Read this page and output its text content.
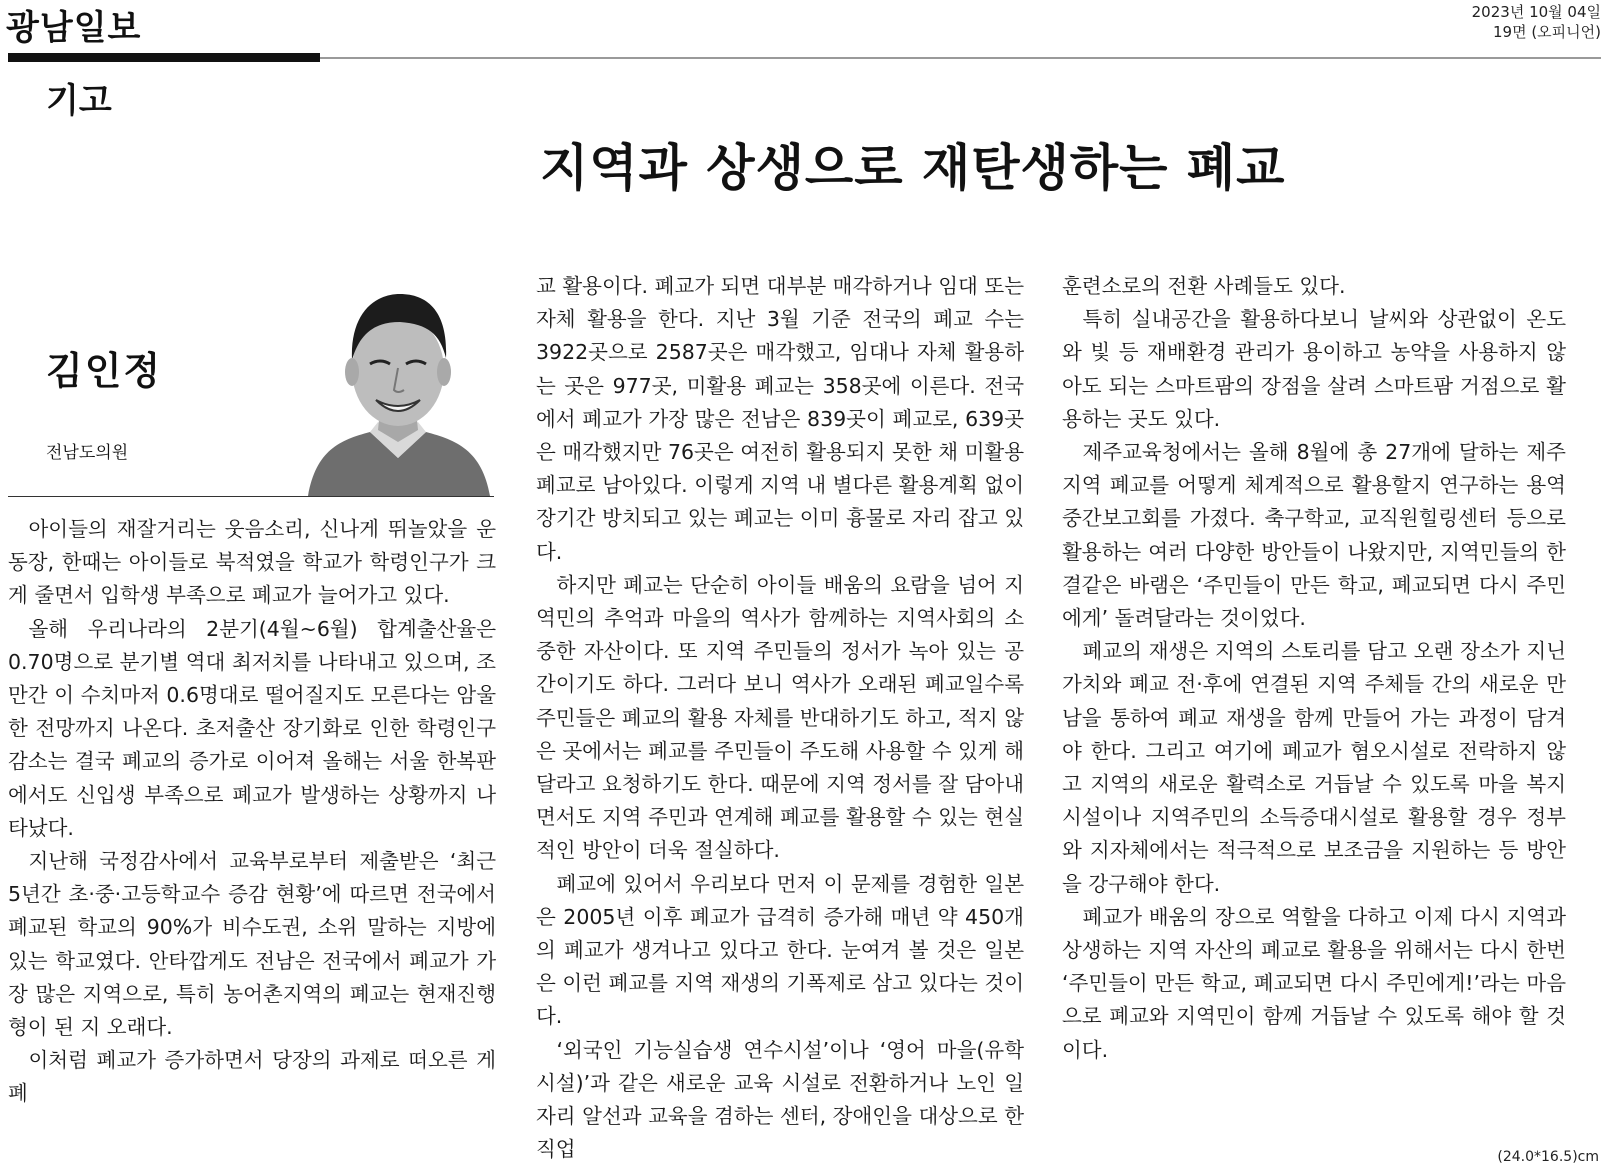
광남일보	2023년 10월 04일
19면 (오피니언)
기고
지역과 상생으로 재탄생하는 폐교
김인정
전남도의원

아이들의 재잘거리는 웃음소리, 신나게 뛰놀았을 운동장, 한때는 아이들로 북적였을 학교가 학령인구가 크게 줄면서 입학생 부족으로 폐교가 늘어가고 있다.

올해 우리나라의 2분기(4월~6월) 합계출산율은 0.70명으로 분기별 역대 최저치를 나타내고 있으며, 조만간 이 수치마저 0.6명대로 떨어질지도 모른다는 암울한 전망까지 나온다. 초저출산 장기화로 인한 학령인구 감소는 결국 폐교의 증가로 이어져 올해는 서울 한복판에서도 신입생 부족으로 폐교가 발생하는 상황까지 나타났다.

지난해 국정감사에서 교육부로부터 제출받은 ‘최근 5년간 초·중·고등학교수 증감 현황’에 따르면 전국에서 폐교된 학교의 90%가 비수도권, 소위 말하는 지방에 있는 학교였다. 안타깝게도 전남은 전국에서 폐교가 가장 많은 지역으로, 특히 농어촌지역의 폐교는 현재진행형이 된 지 오래다.

이처럼 폐교가 증가하면서 당장의 과제로 떠오른 게 폐

교 활용이다. 폐교가 되면 대부분 매각하거나 임대 또는 자체 활용을 한다. 지난 3월 기준 전국의 폐교 수는 3922곳으로 2587곳은 매각했고, 임대나 자체 활용하는 곳은 977곳, 미활용 폐교는 358곳에 이른다. 전국에서 폐교가 가장 많은 전남은 839곳이 폐교로, 639곳은 매각했지만 76곳은 여전히 활용되지 못한 채 미활용 폐교로 남아있다. 이렇게 지역 내 별다른 활용계획 없이 장기간 방치되고 있는 폐교는 이미 흉물로 자리 잡고 있다.

하지만 폐교는 단순히 아이들 배움의 요람을 넘어 지역민의 추억과 마을의 역사가 함께하는 지역사회의 소중한 자산이다. 또 지역 주민들의 정서가 녹아 있는 공간이기도 하다. 그러다 보니 역사가 오래된 폐교일수록 주민들은 폐교의 활용 자체를 반대하기도 하고, 적지 않은 곳에서는 폐교를 주민들이 주도해 사용할 수 있게 해달라고 요청하기도 한다. 때문에 지역 정서를 잘 담아내면서도 지역 주민과 연계해 폐교를 활용할 수 있는 현실적인 방안이 더욱 절실하다.

폐교에 있어서 우리보다 먼저 이 문제를 경험한 일본은 2005년 이후 폐교가 급격히 증가해 매년 약 450개의 폐교가 생겨나고 있다고 한다. 눈여겨 볼 것은 일본은 이런 폐교를 지역 재생의 기폭제로 삼고 있다는 것이다.

‘외국인 기능실습생 연수시설’이나 ‘영어 마을(유학시설)’과 같은 새로운 교육 시설로 전환하거나 노인 일자리 알선과 교육을 겸하는 센터, 장애인을 대상으로 한 직업

훈련소로의 전환 사례들도 있다.

특히 실내공간을 활용하다보니 날씨와 상관없이 온도와 빛 등 재배환경 관리가 용이하고 농약을 사용하지 않아도 되는 스마트팜의 장점을 살려 스마트팜 거점으로 활용하는 곳도 있다.

제주교육청에서는 올해 8월에 총 27개에 달하는 제주 지역 폐교를 어떻게 체계적으로 활용할지 연구하는 용역 중간보고회를 가졌다. 축구학교, 교직원힐링센터 등으로 활용하는 여러 다양한 방안들이 나왔지만, 지역민들의 한결같은 바램은 ‘주민들이 만든 학교, 폐교되면 다시 주민에게’ 돌려달라는 것이었다.

폐교의 재생은 지역의 스토리를 담고 오랜 장소가 지닌 가치와 폐교 전·후에 연결된 지역 주체들 간의 새로운 만남을 통하여 폐교 재생을 함께 만들어 가는 과정이 담겨야 한다. 그리고 여기에 폐교가 혐오시설로 전락하지 않고 지역의 새로운 활력소로 거듭날 수 있도록 마을 복지시설이나 지역주민의 소득증대시설로 활용할 경우 정부와 지자체에서는 적극적으로 보조금을 지원하는 등 방안을 강구해야 한다.

폐교가 배움의 장으로 역할을 다하고 이제 다시 지역과 상생하는 지역 자산의 폐교로 활용을 위해서는 다시 한번 ‘주민들이 만든 학교, 폐교되면 다시 주민에게!’라는 마음으로 폐교와 지역민이 함께 거듭날 수 있도록 해야 할 것이다.

(24.0*16.5)cm
